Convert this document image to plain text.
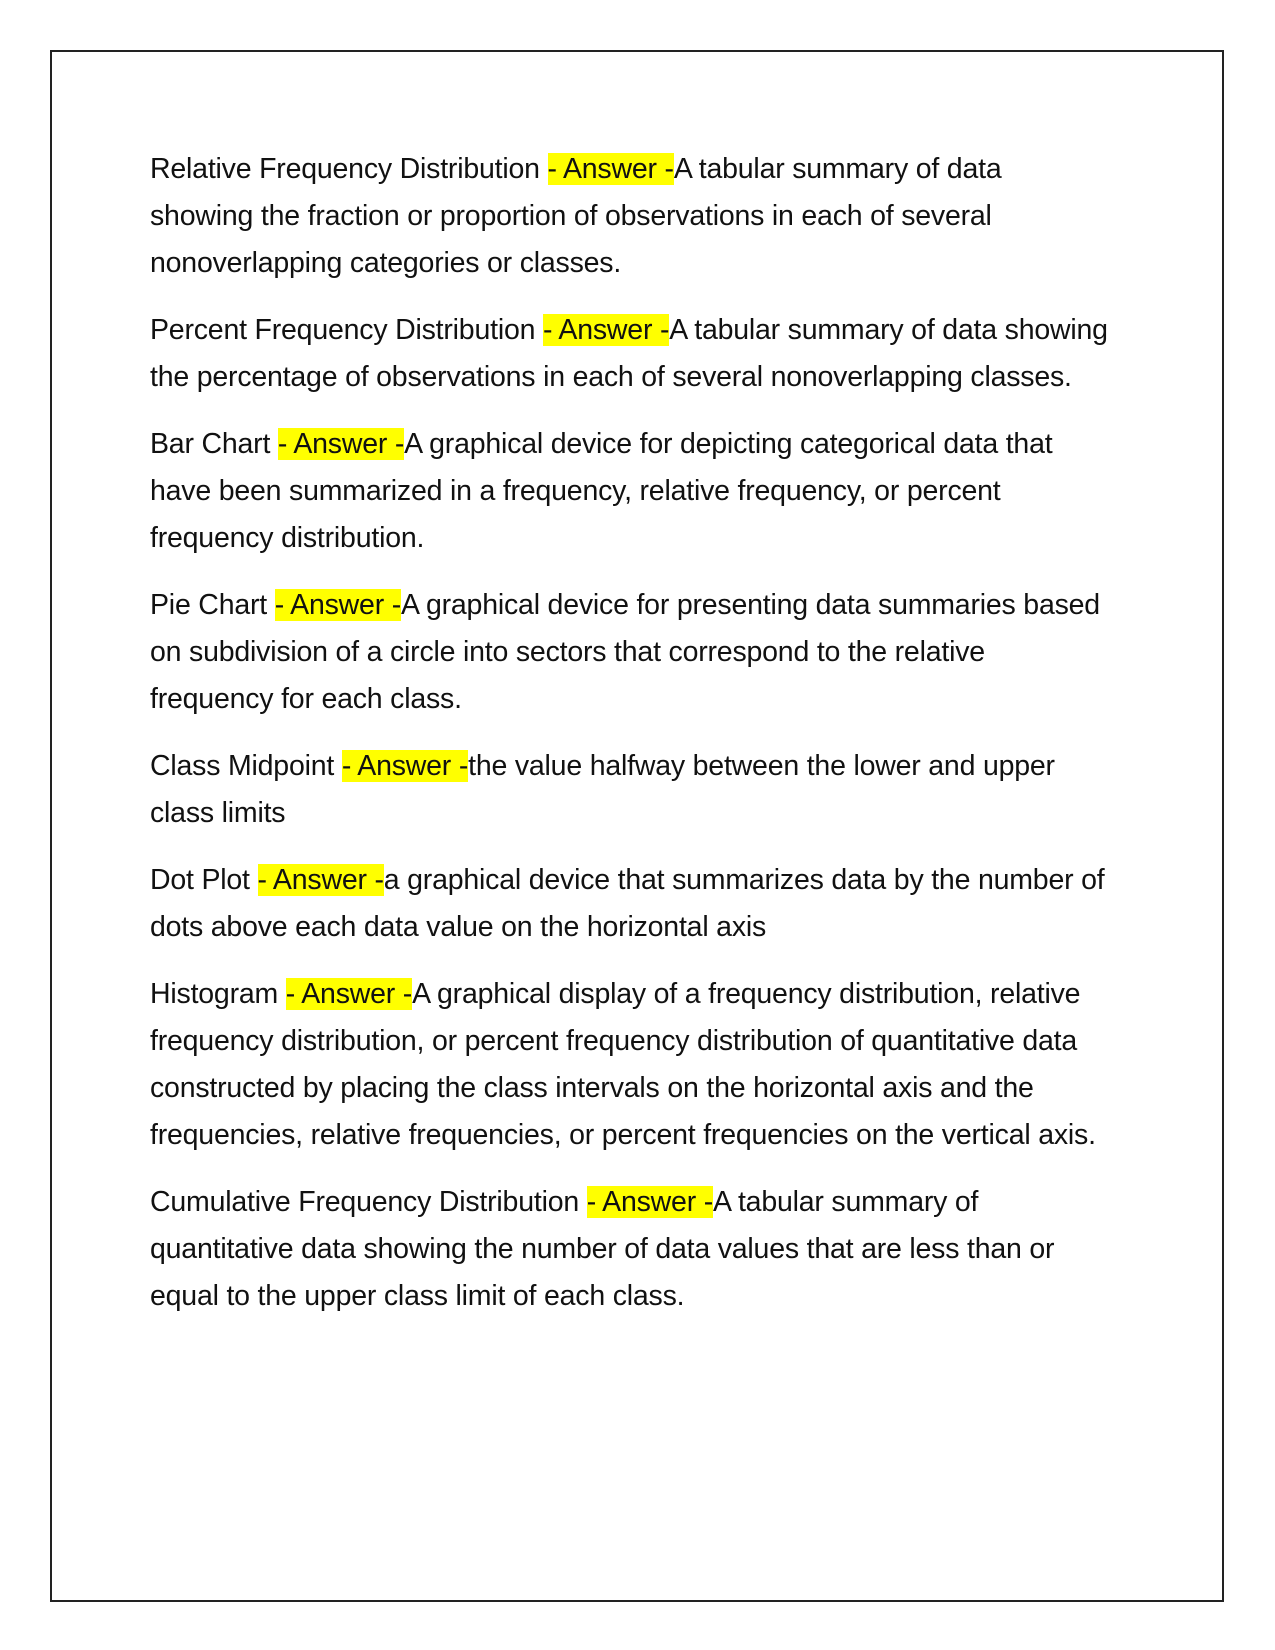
Relative Frequency Distribution - Answer -A tabular summary of data showing the fraction or proportion of observations in each of several nonoverlapping categories or classes.

Percent Frequency Distribution - Answer -A tabular summary of data showing the percentage of observations in each of several nonoverlapping classes.

Bar Chart - Answer -A graphical device for depicting categorical data that have been summarized in a frequency, relative frequency, or percent frequency distribution.

Pie Chart - Answer -A graphical device for presenting data summaries based on subdivision of a circle into sectors that correspond to the relative frequency for each class.

Class Midpoint - Answer -the value halfway between the lower and upper class limits

Dot Plot - Answer -a graphical device that summarizes data by the number of dots above each data value on the horizontal axis

Histogram - Answer -A graphical display of a frequency distribution, relative frequency distribution, or percent frequency distribution of quantitative data constructed by placing the class intervals on the horizontal axis and the frequencies, relative frequencies, or percent frequencies on the vertical axis.

Cumulative Frequency Distribution - Answer -A tabular summary of quantitative data showing the number of data values that are less than or equal to the upper class limit of each class.
